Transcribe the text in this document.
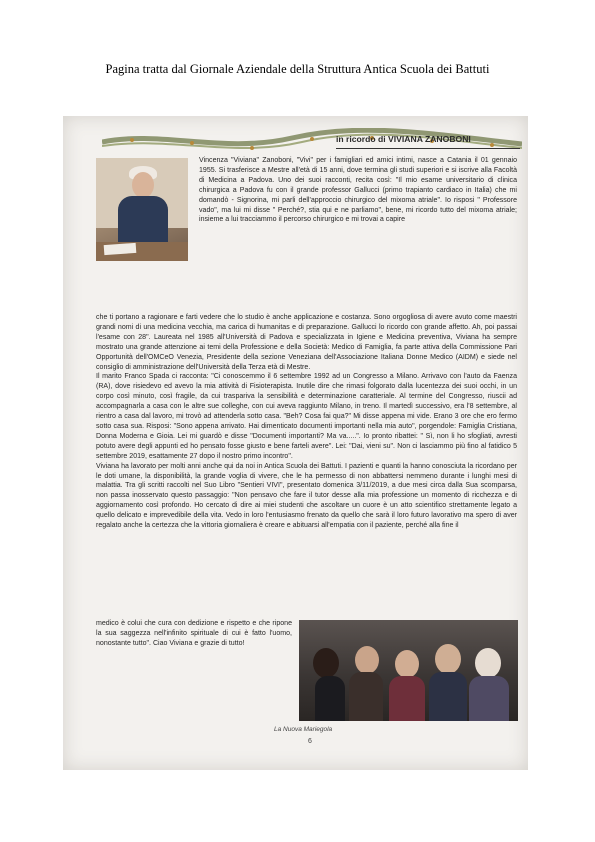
Pagina tratta dal Giornale Aziendale della Struttura Antica Scuola dei Battuti
in ricordo di VIVIANA ZANOBONI

Vincenza "Viviana" Zanoboni, "Vivi" per i famigliari ed amici intimi, nasce a Catania il 01 gennaio 1955. Si trasferisce a Mestre all'età di 15 anni, dove termina gli studi superiori e si iscrive alla Facoltà di Medicina a Padova. Uno dei suoi racconti, recita così: "Il mio esame universitario di clinica chirurgica a Padova fu con il grande professor Gallucci (primo trapianto cardiaco in Italia) che mi domandò - Signorina, mi parli dell'approccio chirurgico del mixoma atriale". Io risposi " Professore vado", ma lui mi disse " Perché?, stia qui e ne parliamo", bene, mi ricordo tutto del mixoma atriale; insieme a lui tracciammo il percorso chirurgico e mi trovai a capire

che ti portano a ragionare e farti vedere che lo studio è anche applicazione e costanza. Sono orgogliosa di avere avuto come maestri grandi nomi di una medicina vecchia, ma carica di humanitas e di preparazione. Gallucci lo ricordo con grande affetto. Ah, poi passai l'esame con 28". Laureata nel 1985 all'Università di Padova e specializzata in Igiene e Medicina preventiva, Viviana ha sempre mostrato una grande attenzione ai temi della Professione e della Società: Medico di Famiglia, fa parte attiva della Commissione Pari Opportunità dell'OMCeO Venezia, Presidente della sezione Veneziana dell'Associazione Italiana Donne Medico (AIDM) e siede nel consiglio di amministrazione dell'Università della Terza età di Mestre.

Il marito Franco Spada ci racconta: "Ci conoscemmo il 6 settembre 1992 ad un Congresso a Milano. Arrivavo con l'auto da Faenza (RA), dove risiedevo ed avevo la mia attività di Fisioterapista. Inutile dire che rimasi folgorato dalla lucentezza dei suoi occhi, in un corpo così minuto, così fragile, da cui traspariva la sensibilità e determinazione caratteriale. Al termine del Congresso, riuscii ad accompagnarla a casa con le altre sue colleghe, con cui aveva raggiunto Milano, in treno. Il martedì successivo, era l'8 settembre, al rientro a casa dal lavoro, mi trovò ad attenderla sotto casa. "Beh? Cosa fai qua?" Mi disse appena mi vide. Erano 3 ore che ero fermo sotto casa sua. Risposi: "Sono appena arrivato. Hai dimenticato documenti importanti nella mia auto", porgendole: Famiglia Cristiana, Donna Moderna e Gioia. Lei mi guardò e disse "Documenti importanti? Ma va.....". Io pronto ribattei: " Sì, non li ho sfogliati, avresti potuto avere degli appunti ed ho pensato fosse giusto e bene farteli avere". Lei: "Dai, vieni su". Non ci lasciammo più fino al fatidico 5 settembre 2019, esattamente 27 dopo il nostro primo incontro".

Viviana ha lavorato per molti anni anche qui da noi in Antica Scuola dei Battuti. I pazienti e quanti la hanno conosciuta la ricordano per le doti umane, la disponibilità, la grande voglia di vivere, che le ha permesso di non abbattersi nemmeno durante i lunghi mesi di malattia. Tra gli scritti raccolti nel Suo Libro "Sentieri VIVI", presentato domenica 3/11/2019, a due mesi circa dalla Sua scomparsa, non passa inosservato questo passaggio: "Non pensavo che fare il tutor desse alla mia professione un momento di ricchezza e di aggiornamento così profondo. Ho cercato di dire ai miei studenti che ascoltare un cuore è un atto scientifico strettamente legato a quello delicato e imprevedibile della vita. Vedo in loro l'entusiasmo frenato da quello che sarà il loro futuro lavorativo ma spero di aver regalato anche la certezza che la vittoria giornaliera è creare e abituarsi all'empatia con il paziente, perché alla fine il

medico è colui che cura con dedizione e rispetto e che ripone la sua saggezza nell'infinito spirituale di cui è fatto l'uomo, nonostante tutto". Ciao Viviana e grazie di tutto!

La Nuova Mariegola
6
